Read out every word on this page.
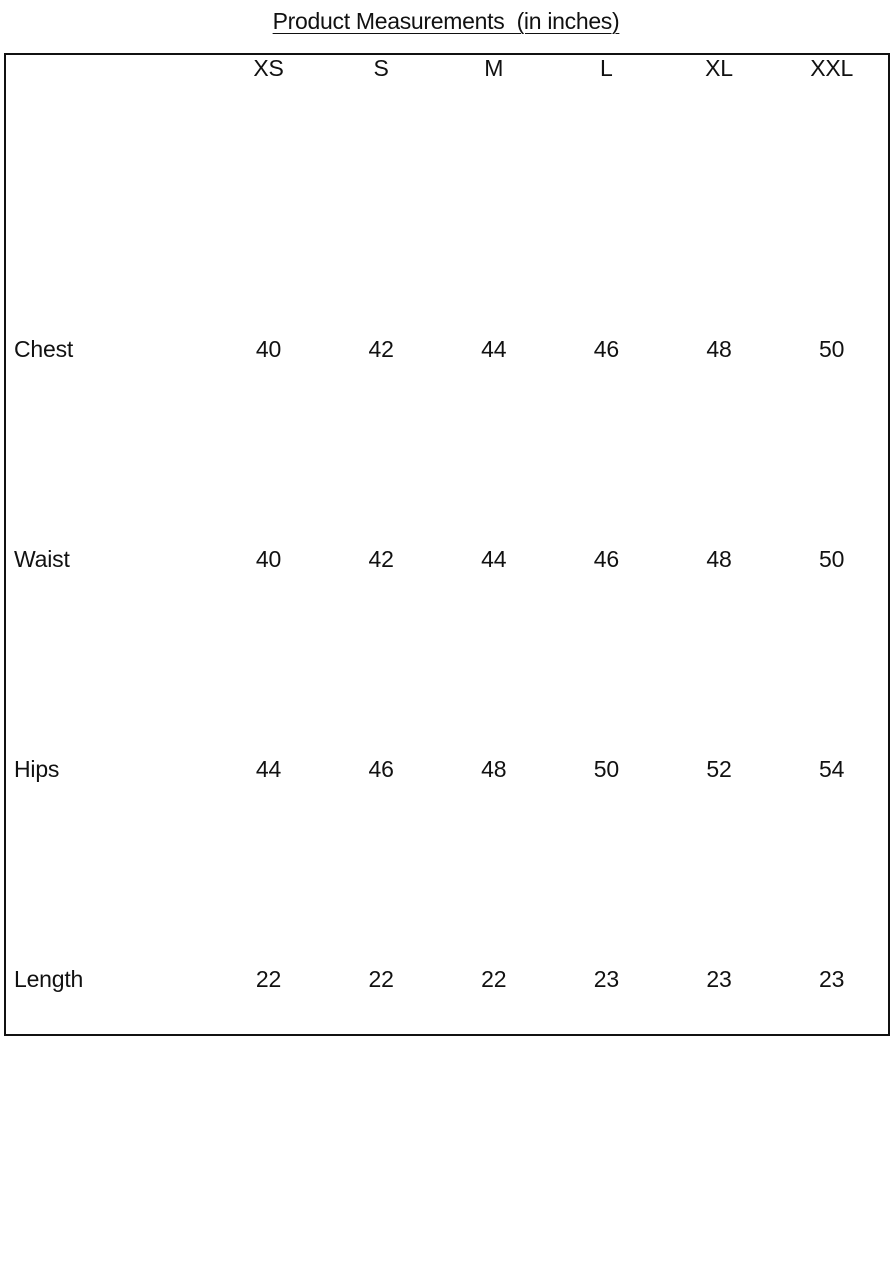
Product Measurements  (in inches)
	XS	S	M	L	XL	XXL

Chest	40	42	44	46	48	50
Waist	40	42	44	46	48	50
Hips	44	46	48	50	52	54
Length	22	22	22	23	23	23
